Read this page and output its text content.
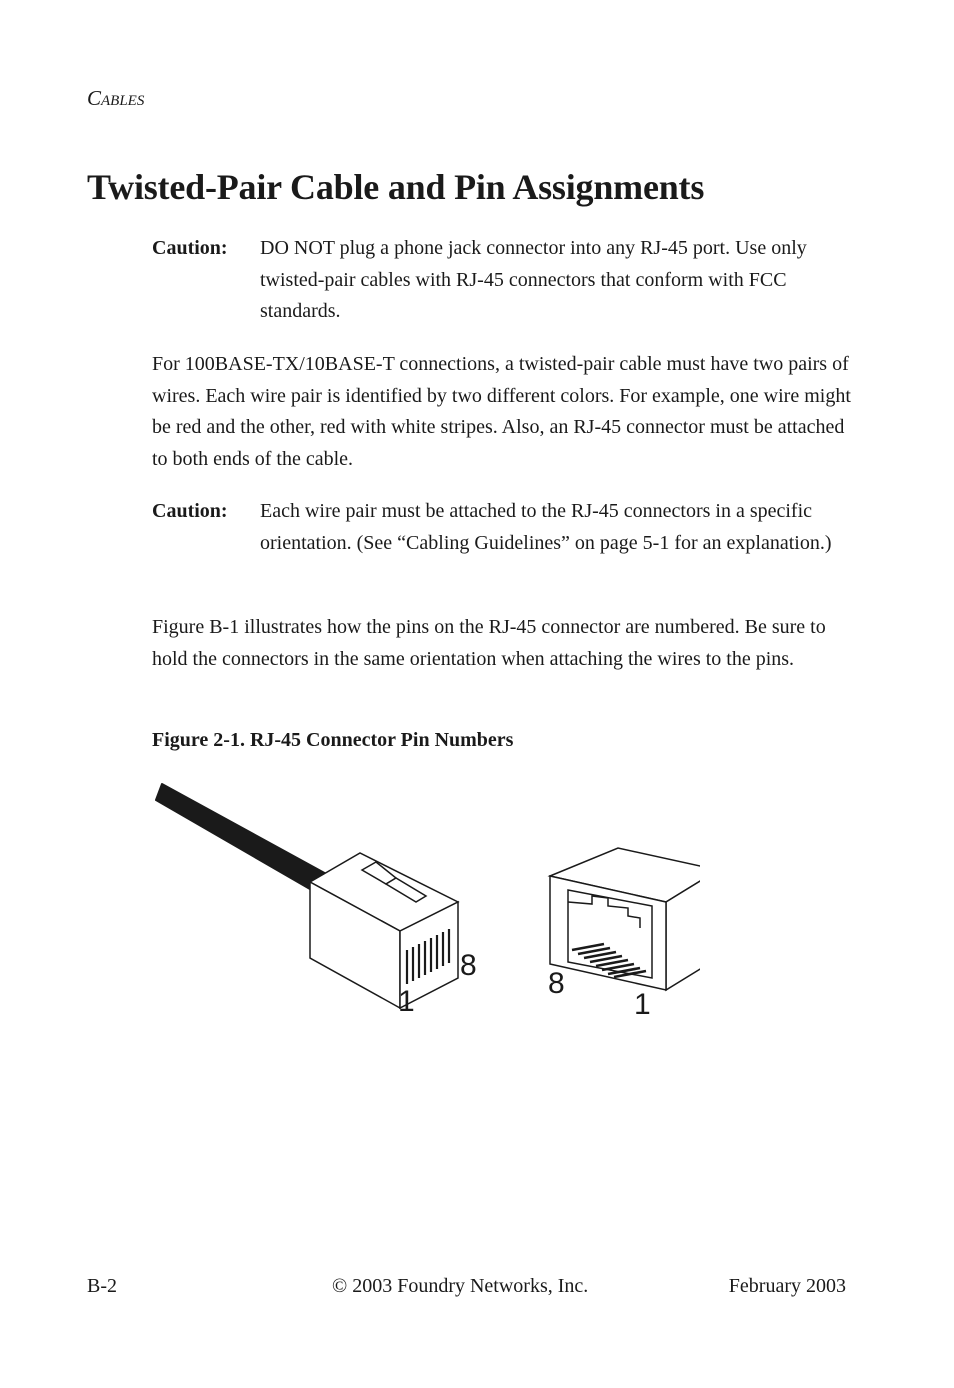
CABLES
Twisted-Pair Cable and Pin Assignments
Caution: DO NOT plug a phone jack connector into any RJ-45 port. Use only twisted-pair cables with RJ-45 connectors that conform with FCC standards.

For 100BASE-TX/10BASE-T connections, a twisted-pair cable must have two pairs of wires. Each wire pair is identified by two different colors. For example, one wire might be red and the other, red with white stripes. Also, an RJ-45 connector must be attached to both ends of the cable.

Caution: Each wire pair must be attached to the RJ-45 connectors in a specific orientation. (See “Cabling Guidelines” on page 5-1 for an explanation.)

Figure B-1 illustrates how the pins on the RJ-45 connector are numbered. Be sure to hold the connectors in the same orientation when attaching the wires to the pins.

Figure 2-1. RJ-45 Connector Pin Numbers

1
8
8
1
B-2	© 2003 Foundry Networks, Inc.	February 2003
